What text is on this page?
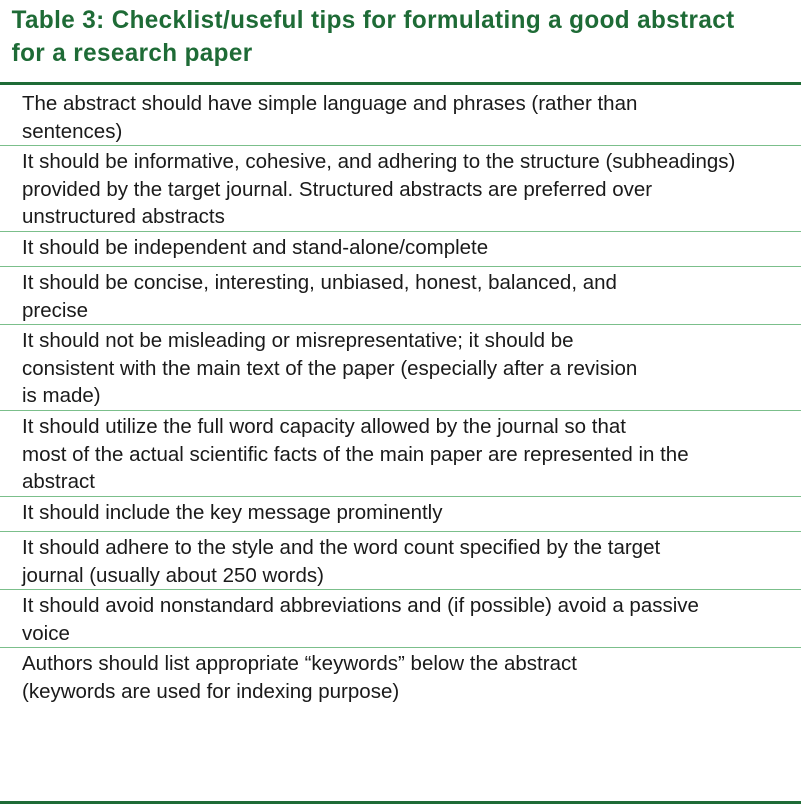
Table 3: Checklist/useful tips for formulating a good abstract
for a research paper
The abstract should have simple language and phrases (rather than
sentences)
It should be informative, cohesive, and adhering to the structure (subheadings)
provided by the target journal. Structured abstracts are preferred over
unstructured abstracts
It should be independent and stand-alone/complete
It should be concise, interesting, unbiased, honest, balanced, and
precise
It should not be misleading or misrepresentative; it should be
consistent with the main text of the paper (especially after a revision
is made)
It should utilize the full word capacity allowed by the journal so that
most of the actual scientific facts of the main paper are represented in the
abstract
It should include the key message prominently
It should adhere to the style and the word count specified by the target
journal (usually about 250 words)
It should avoid nonstandard abbreviations and (if possible) avoid a passive
voice
Authors should list appropriate “keywords” below the abstract
(keywords are used for indexing purpose)
